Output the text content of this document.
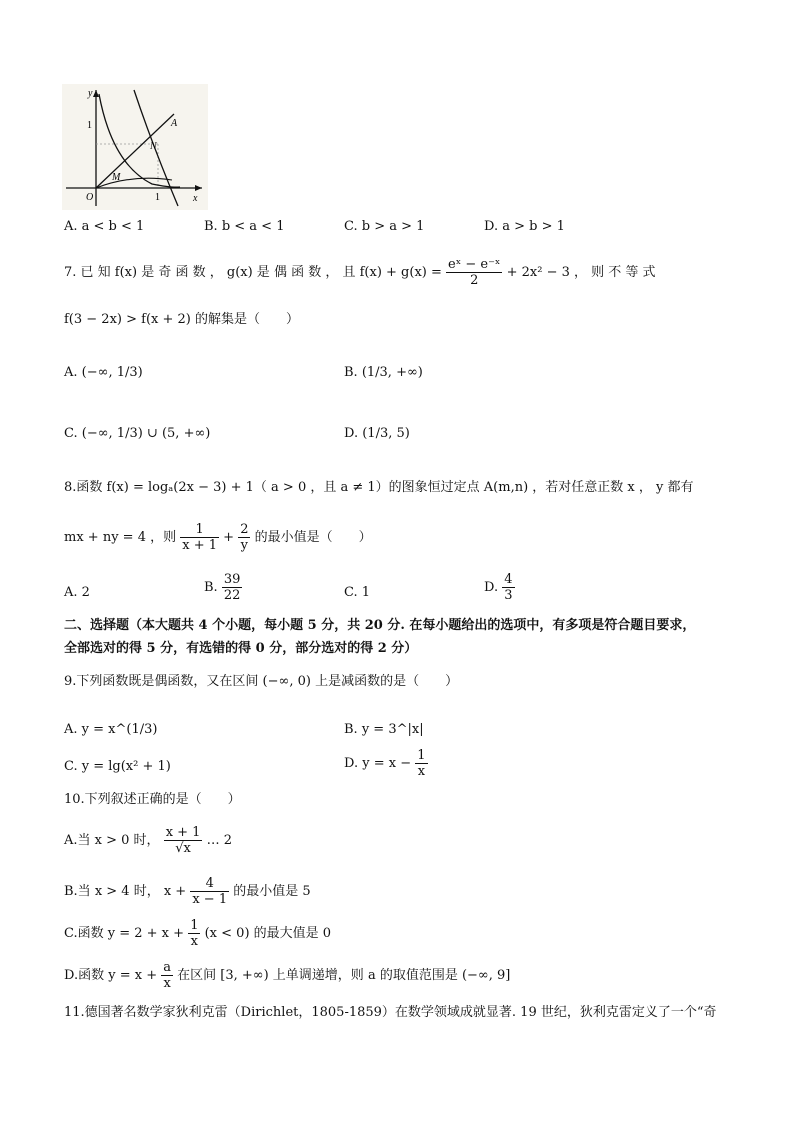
y
x
O
1
1
A
N
M
A. a < b < 1	B. b < a < 1	C. b > a > 1	D. a > b > 1
7. 已 知 f(x) 是 奇 函 数 ， g(x) 是 偶 函 数 ， 且 $f(x) + g(x) = \frac{\text{eˣ − e⁻ˣ}}{2} + 2x^2 - 3$ ， 则 不 等 式
f(3 − 2x) > f(x + 2) 的解集是（　　）
A. (−∞, 1/3)	B. (1/3, +∞)
C. (−∞, 1/3) ∪ (5, +∞)	D. (1/3, 5)
8.函数 f(x) = logₐ(2x − 3) + 1（ a > 0 ，且 a ≠ 1）的图象恒过定点 A(m,n) ，若对任意正数 x ， y 都有
mx + ny = 4 ，则 $\frac{1}{x + 1} + \frac{2}{y}$ 的最小值是（　　）
A. 2	B. $\frac{39}{22}$	C. 1	D. $\frac{4}{3}$
二、选择题（本大题共 4 个小题，每小题 5 分，共 20 分. 在每小题给出的选项中，有多项是符合题目要求，
全部选对的得 5 分，有选错的得 0 分，部分选对的得 2 分）
9.下列函数既是偶函数，又在区间 (−∞, 0) 上是减函数的是（　　）
A. y = x^(1/3)	B. y = 3^|x|
C. y = lg(x² + 1)	D. $y = x - \frac{1}{x}$
10.下列叙述正确的是（　　）
A.当 x > 0 时， $\frac{x + 1}{√x}$ … 2
B.当 x > 4 时， $x + \frac{4}{x - 1}$ 的最小值是 5
C.函数 $y = 2 + x + \frac{1}{x} (x < 0)$ 的最大值是 0
D.函数 $y = x + \frac{a}{x}$ 在区间 [3, +∞) 上单调递增，则 a 的取值范围是 (−∞, 9]
11.德国著名数学家狄利克雷（Dirichlet，1805-1859）在数学领域成就显著. 19 世纪，狄利克雷定义了一个“奇
